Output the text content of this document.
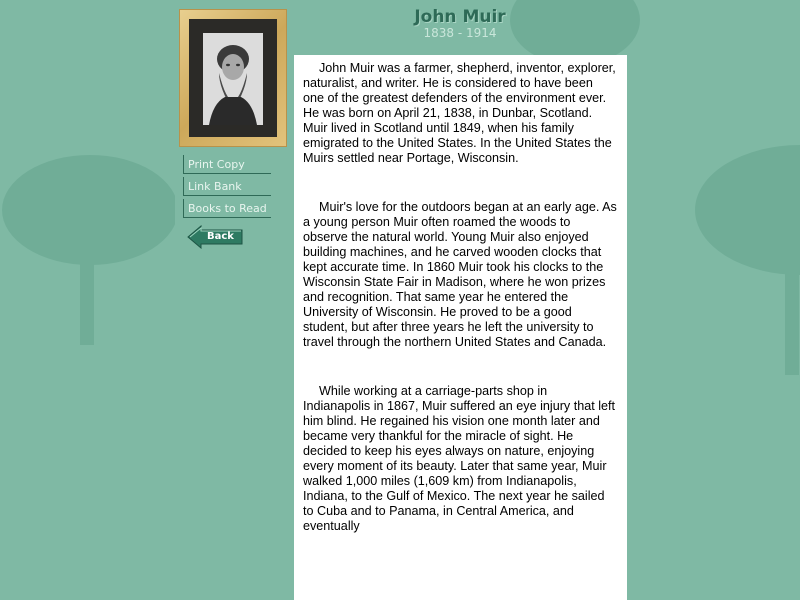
John Muir
1838 - 1914
Print Copy
Link Bank
Books to Read
Back

John Muir was a farmer, shepherd, inventor, explorer, naturalist, and writer. He is considered to have been one of the greatest defenders of the environment ever. He was born on April 21, 1838, in Dunbar, Scotland. Muir lived in Scotland until 1849, when his family emigrated to the United States. In the United States the Muirs settled near Portage, Wisconsin.

Muir's love for the outdoors began at an early age. As a young person Muir often roamed the woods to observe the natural world. Young Muir also enjoyed building machines, and he carved wooden clocks that kept accurate time. In 1860 Muir took his clocks to the Wisconsin State Fair in Madison, where he won prizes and recognition. That same year he entered the University of Wisconsin. He proved to be a good student, but after three years he left the university to travel through the northern United States and Canada.

While working at a carriage-parts shop in Indianapolis in 1867, Muir suffered an eye injury that left him blind. He regained his vision one month later and became very thankful for the miracle of sight. He decided to keep his eyes always on nature, enjoying every moment of its beauty. Later that same year, Muir walked 1,000 miles (1,609 km) from Indianapolis, Indiana, to the Gulf of Mexico. The next year he sailed to Cuba and to Panama, in Central America, and eventually
